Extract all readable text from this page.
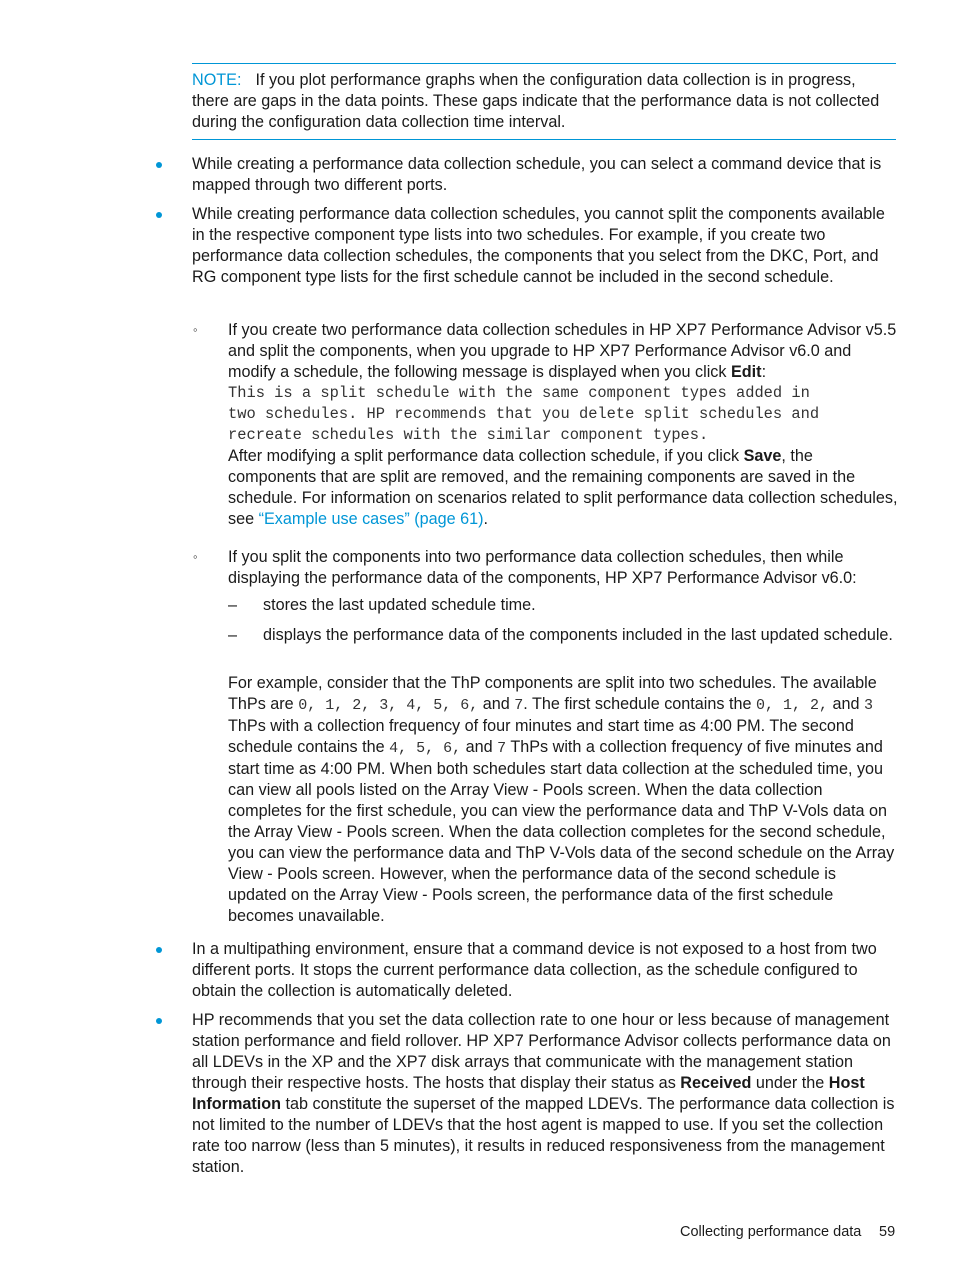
NOTE: If you plot performance graphs when the configuration data collection is in progress, there are gaps in the data points. These gaps indicate that the performance data is not collected during the configuration data collection time interval.
While creating a performance data collection schedule, you can select a command device that is mapped through two different ports.
While creating performance data collection schedules, you cannot split the components available in the respective component type lists into two schedules. For example, if you create two performance data collection schedules, the components that you select from the DKC, Port, and RG component type lists for the first schedule cannot be included in the second schedule.
◦ If you create two performance data collection schedules in HP XP7 Performance Advisor v5.5 and split the components, when you upgrade to HP XP7 Performance Advisor v6.0 and modify a schedule, the following message is displayed when you click Edit:
This is a split schedule with the same component types added in
two schedules. HP recommends that you delete split schedules and
recreate schedules with the similar component types.
After modifying a split performance data collection schedule, if you click Save, the components that are split are removed, and the remaining components are saved in the schedule. For information on scenarios related to split performance data collection schedules, see “Example use cases” (page 61).
◦ If you split the components into two performance data collection schedules, then while displaying the performance data of the components, HP XP7 Performance Advisor v6.0:
– stores the last updated schedule time.
– displays the performance data of the components included in the last updated schedule.
For example, consider that the ThP components are split into two schedules. The available ThPs are 0, 1, 2, 3, 4, 5, 6, and 7. The first schedule contains the 0, 1, 2, and 3 ThPs with a collection frequency of four minutes and start time as 4:00 PM. The second schedule contains the 4, 5, 6, and 7 ThPs with a collection frequency of five minutes and start time as 4:00 PM. When both schedules start data collection at the scheduled time, you can view all pools listed on the Array View - Pools screen. When the data collection completes for the first schedule, you can view the performance data and ThP V-Vols data on the Array View - Pools screen. When the data collection completes for the second schedule, you can view the performance data and ThP V-Vols data of the second schedule on the Array View - Pools screen. However, when the performance data of the second schedule is updated on the Array View - Pools screen, the performance data of the first schedule becomes unavailable.
In a multipathing environment, ensure that a command device is not exposed to a host from two different ports. It stops the current performance data collection, as the schedule configured to obtain the collection is automatically deleted.
HP recommends that you set the data collection rate to one hour or less because of management station performance and field rollover. HP XP7 Performance Advisor collects performance data on all LDEVs in the XP and the XP7 disk arrays that communicate with the management station through their respective hosts. The hosts that display their status as Received under the Host Information tab constitute the superset of the mapped LDEVs. The performance data collection is not limited to the number of LDEVs that the host agent is mapped to use. If you set the collection rate too narrow (less than 5 minutes), it results in reduced responsiveness from the management station.
Collecting performance data 59
